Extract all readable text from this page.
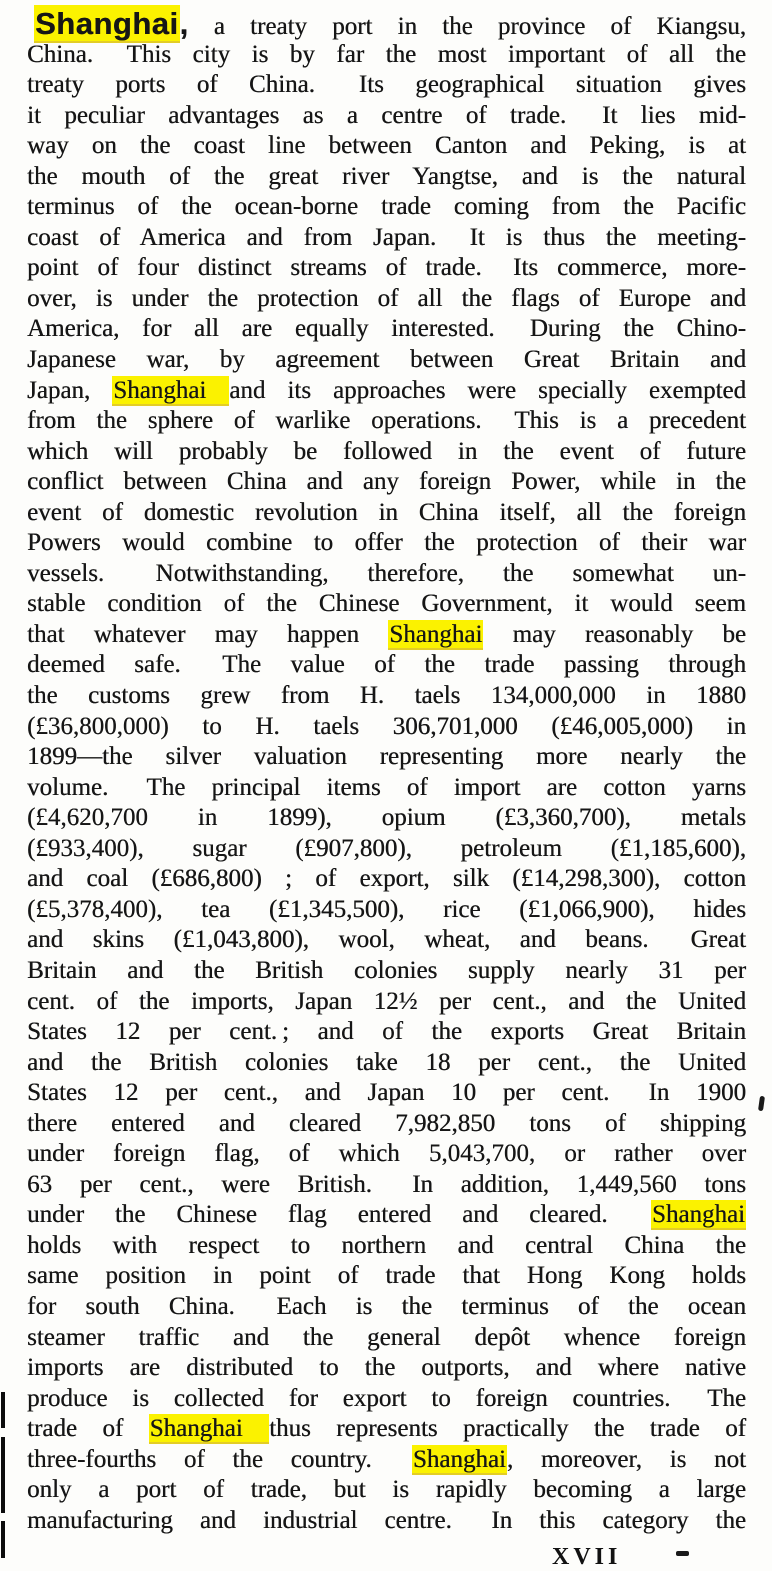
Shanghai, a treaty port in the province of Kiangsu,
China.  This city is by far the most important of all the
treaty ports of China.  Its geographical situation gives
it peculiar advantages as a centre of trade.  It lies mid-
way on the coast line between Canton and Peking, is at
the mouth of the great river Yangtse, and is the natural
terminus of the ocean-borne trade coming from the Pacific
coast of America and from Japan.  It is thus the meeting-
point of four distinct streams of trade.  Its commerce, more-
over, is under the protection of all the flags of Europe and
America, for all are equally interested.  During the Chino-
Japanese war, by agreement between Great Britain and
Japan, Shanghai and its approaches were specially exempted
from the sphere of warlike operations.  This is a precedent
which will probably be followed in the event of future
conflict between China and any foreign Power, while in the
event of domestic revolution in China itself, all the foreign
Powers would combine to offer the protection of their war
vessels.  Notwithstanding, therefore, the somewhat un-
stable condition of the Chinese Government, it would seem
that whatever may happen Shanghai may reasonably be
deemed safe.  The value of the trade passing through
the customs grew from H. taels 134,000,000 in 1880
(£36,800,000) to H. taels 306,701,000 (£46,005,000) in
1899—the silver valuation representing more nearly the
volume.  The principal items of import are cotton yarns
(£4,620,700 in 1899), opium (£3,360,700), metals
(£933,400), sugar (£907,800), petroleum (£1,185,600),
and coal (£686,800) ; of export, silk (£14,298,300), cotton
(£5,378,400), tea (£1,345,500), rice (£1,066,900), hides
and skins (£1,043,800), wool, wheat, and beans.  Great
Britain and the British colonies supply nearly 31 per
cent. of the imports, Japan 12½ per cent., and the United
States 12 per cent. ; and of the exports Great Britain
and the British colonies take 18 per cent., the United
States 12 per cent., and Japan 10 per cent.  In 1900
there entered and cleared 7,982,850 tons of shipping
under foreign flag, of which 5,043,700, or rather over
63 per cent., were British.  In addition, 1,449,560 tons
under the Chinese flag entered and cleared.  Shanghai
holds with respect to northern and central China the
same position in point of trade that Hong Kong holds
for south China.  Each is the terminus of the ocean
steamer traffic and the general depôt whence foreign
imports are distributed to the outports, and where native
produce is collected for export to foreign countries.  The
trade of Shanghai thus represents practically the trade of
three-fourths of the country.  Shanghai, moreover, is not
only a port of trade, but is rapidly becoming a large
manufacturing and industrial centre.  In this category the
XVII
